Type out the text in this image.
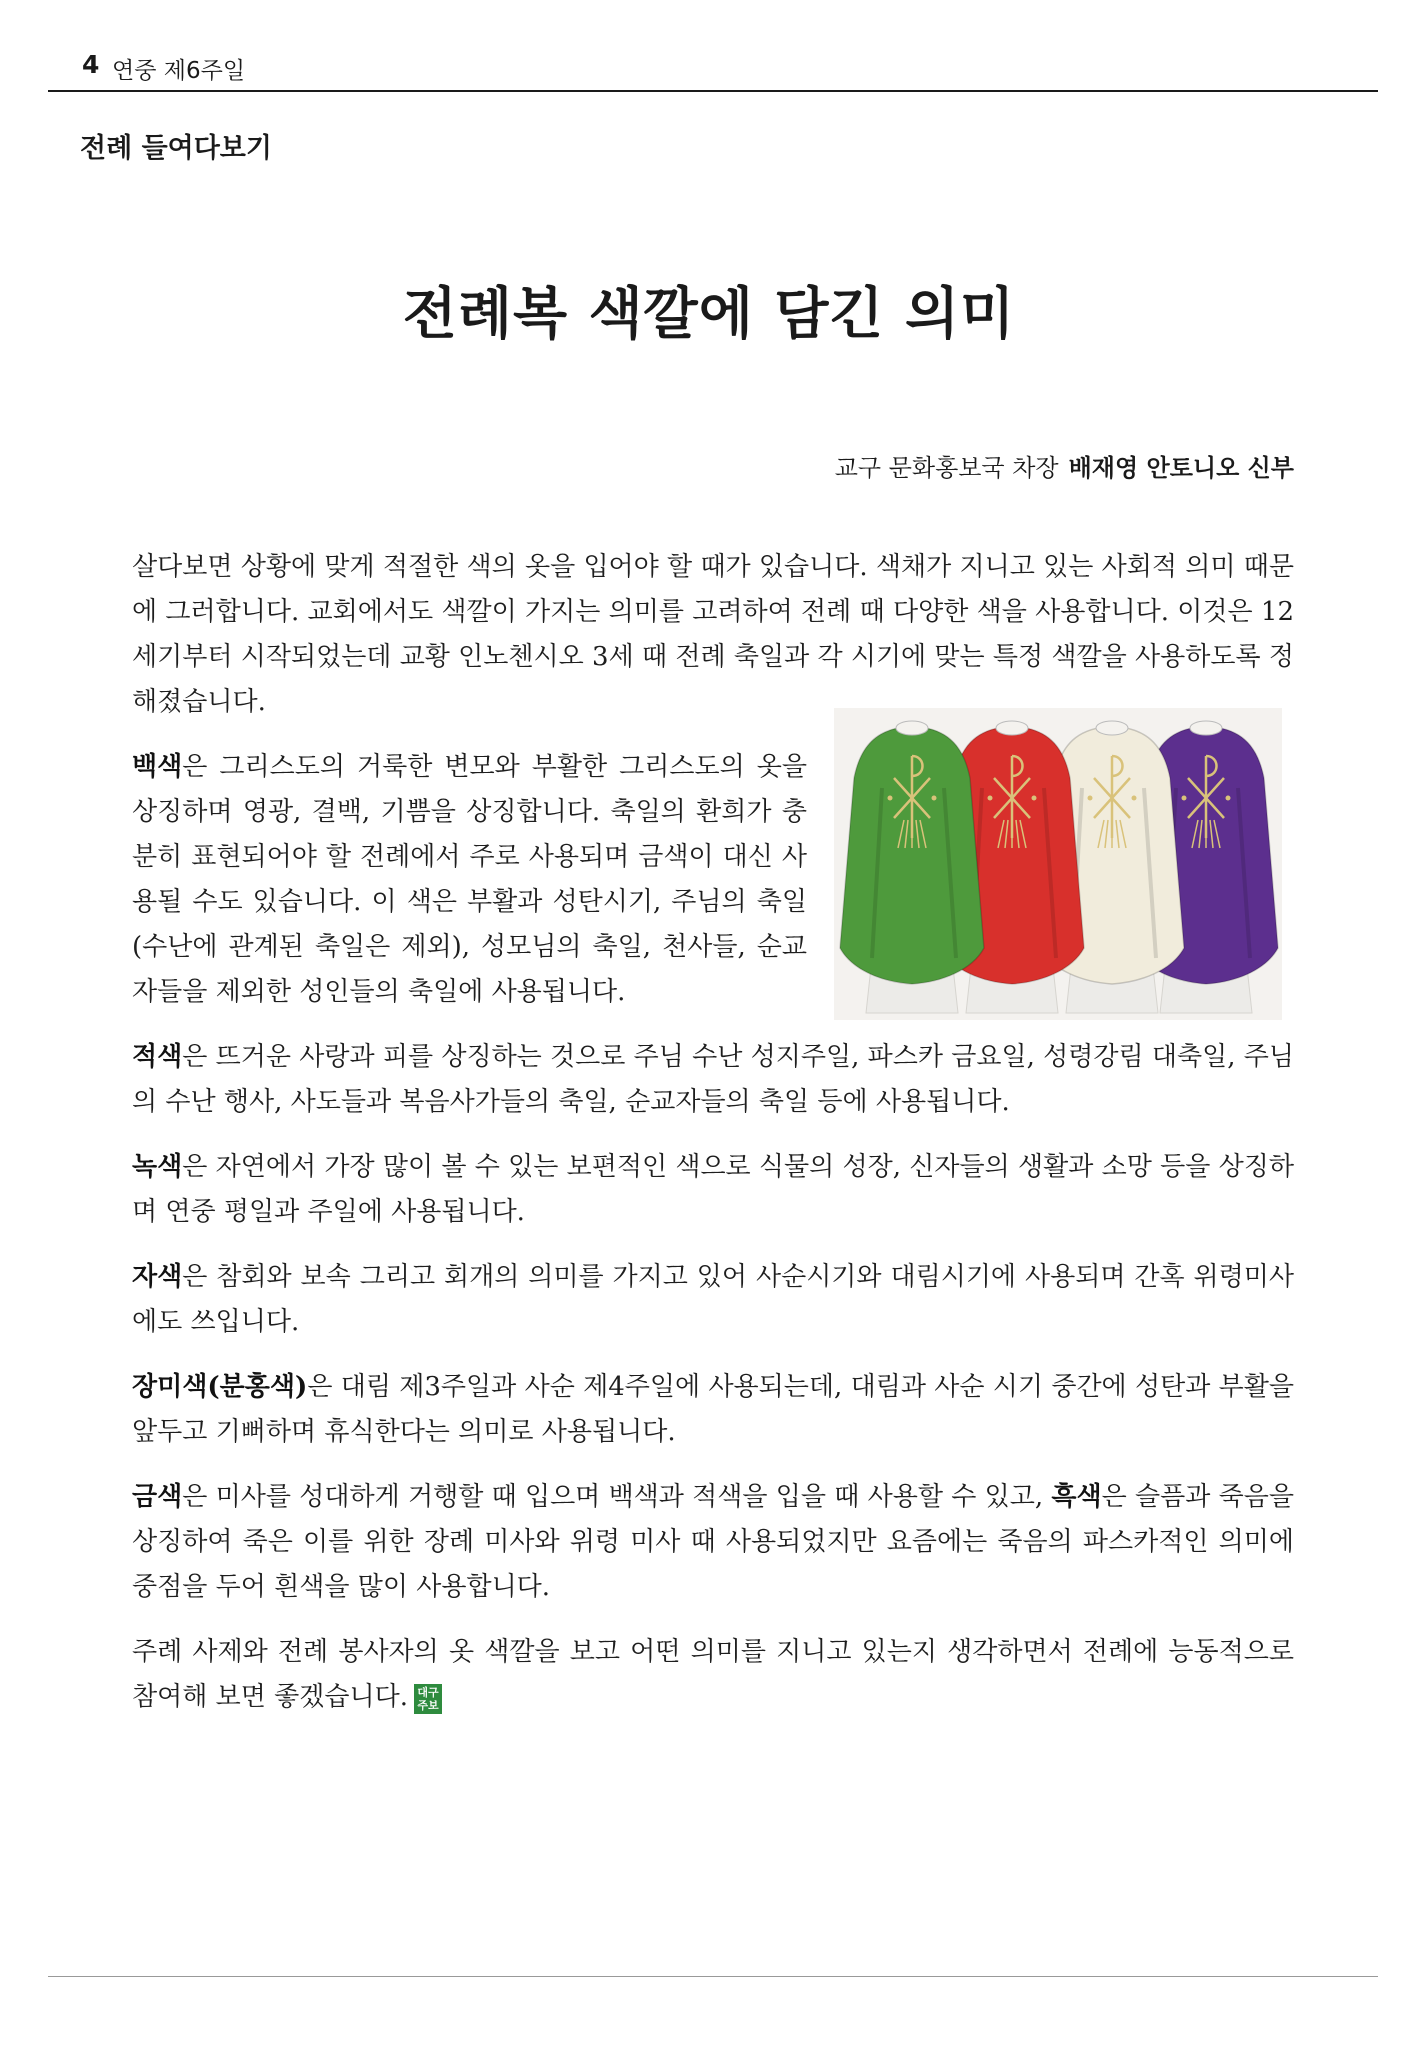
4 연중 제6주일
전례 들여다보기
전례복 색깔에 담긴 의미
교구 문화홍보국 차장 배재영 안토니오 신부

살다보면 상황에 맞게 적절한 색의 옷을 입어야 할 때가 있습니다. 색채가 지니고 있는 사회적 의미 때문에 그러합니다. 교회에서도 색깔이 가지는 의미를 고려하여 전례 때 다양한 색을 사용합니다. 이것은 12세기부터 시작되었는데 교황 인노첸시오 3세 때 전례 축일과 각 시기에 맞는 특정 색깔을 사용하도록 정해졌습니다.

백색은 그리스도의 거룩한 변모와 부활한 그리스도의 옷을 상징하며 영광, 결백, 기쁨을 상징합니다. 축일의 환희가 충분히 표현되어야 할 전례에서 주로 사용되며 금색이 대신 사용될 수도 있습니다. 이 색은 부활과 성탄시기, 주님의 축일(수난에 관계된 축일은 제외), 성모님의 축일, 천사들, 순교자들을 제외한 성인들의 축일에 사용됩니다.

적색은 뜨거운 사랑과 피를 상징하는 것으로 주님 수난 성지주일, 파스카 금요일, 성령강림 대축일, 주님의 수난 행사, 사도들과 복음사가들의 축일, 순교자들의 축일 등에 사용됩니다.

녹색은 자연에서 가장 많이 볼 수 있는 보편적인 색으로 식물의 성장, 신자들의 생활과 소망 등을 상징하며 연중 평일과 주일에 사용됩니다.

자색은 참회와 보속 그리고 회개의 의미를 가지고 있어 사순시기와 대림시기에 사용되며 간혹 위령미사에도 쓰입니다.

장미색(분홍색)은 대림 제3주일과 사순 제4주일에 사용되는데, 대림과 사순 시기 중간에 성탄과 부활을 앞두고 기뻐하며 휴식한다는 의미로 사용됩니다.

금색은 미사를 성대하게 거행할 때 입으며 백색과 적색을 입을 때 사용할 수 있고, 흑색은 슬픔과 죽음을 상징하여 죽은 이를 위한 장례 미사와 위령 미사 때 사용되었지만 요즘에는 죽음의 파스카적인 의미에 중점을 두어 흰색을 많이 사용합니다.

주례 사제와 전례 봉사자의 옷 색깔을 보고 어떤 의미를 지니고 있는지 생각하면서 전례에 능동적으로 참여해 보면 좋겠습니다. 대구주보
